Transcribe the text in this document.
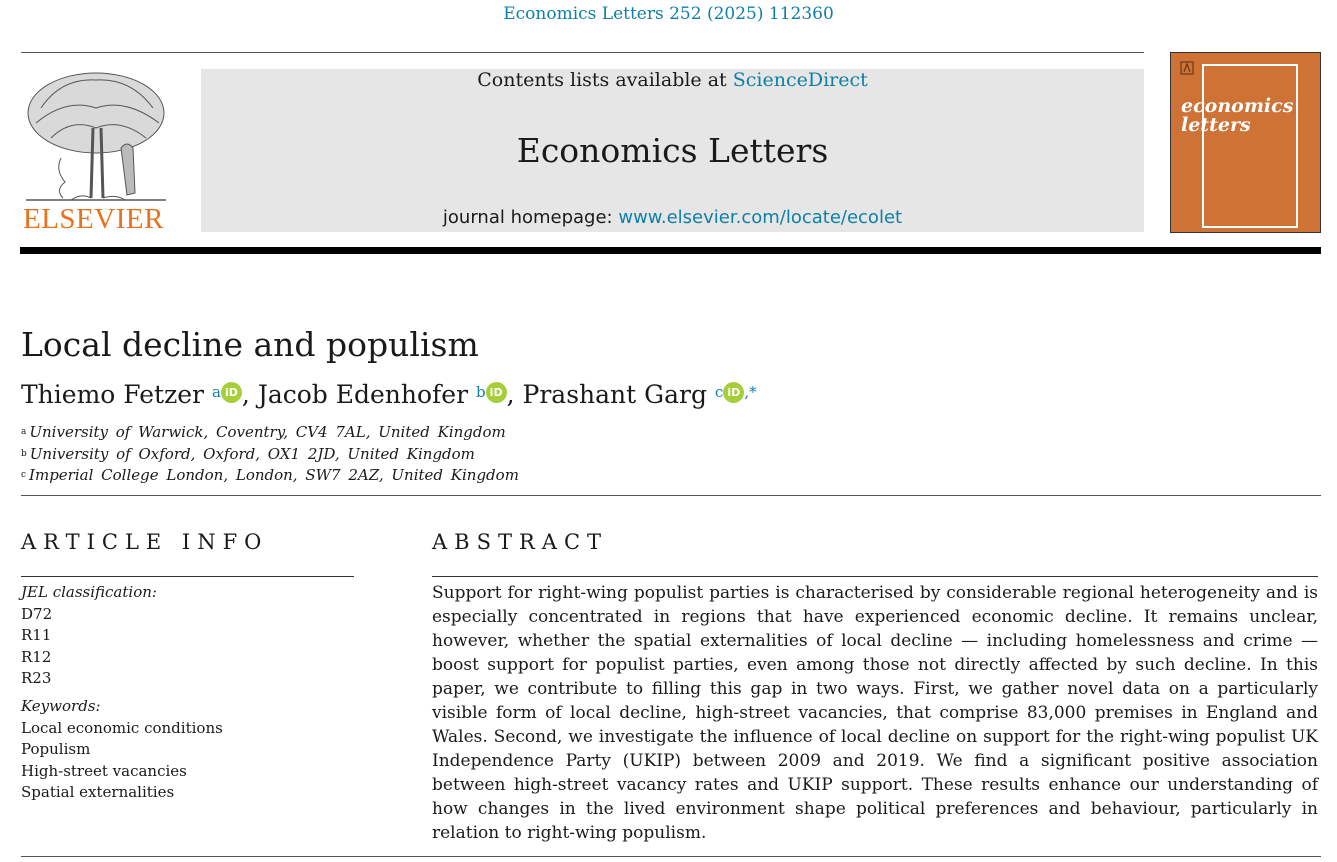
Economics Letters 252 (2025) 112360
ELSEVIER
Contents lists available at ScienceDirect
Economics Letters
journal homepage: www.elsevier.com/locate/ecolet
economics
letters
Local decline and populism
Thiemo Fetzer $^a$ iD , Jacob Edenhofer $^b$ iD , Prashant Garg $^c$ iD ,*
$^a$ University of Warwick, Coventry, CV4 7AL, United Kingdom
$^b$ University of Oxford, Oxford, OX1 2JD, United Kingdom
$^c$ Imperial College London, London, SW7 2AZ, United Kingdom
ARTICLE INFO	ABSTRACT
JEL classification:
D72
R11
R12
R23
Keywords:
Local economic conditions
Populism
High-street vacancies
Spatial externalities
Support for right-wing populist parties is characterised by considerable regional heterogeneity and is especially concentrated in regions that have experienced economic decline. It remains unclear, however, whether the spatial externalities of local decline — including homelessness and crime — boost support for populist parties, even among those not directly affected by such decline. In this paper, we contribute to filling this gap in two ways. First, we gather novel data on a particularly visible form of local decline, high-street vacancies, that comprise 83,000 premises in England and Wales. Second, we investigate the influence of local decline on support for the right-wing populist UK Independence Party (UKIP) between 2009 and 2019. We find a significant positive association between high-street vacancy rates and UKIP support. These results enhance our understanding of how changes in the lived environment shape political preferences and behaviour, particularly in relation to right-wing populism.
